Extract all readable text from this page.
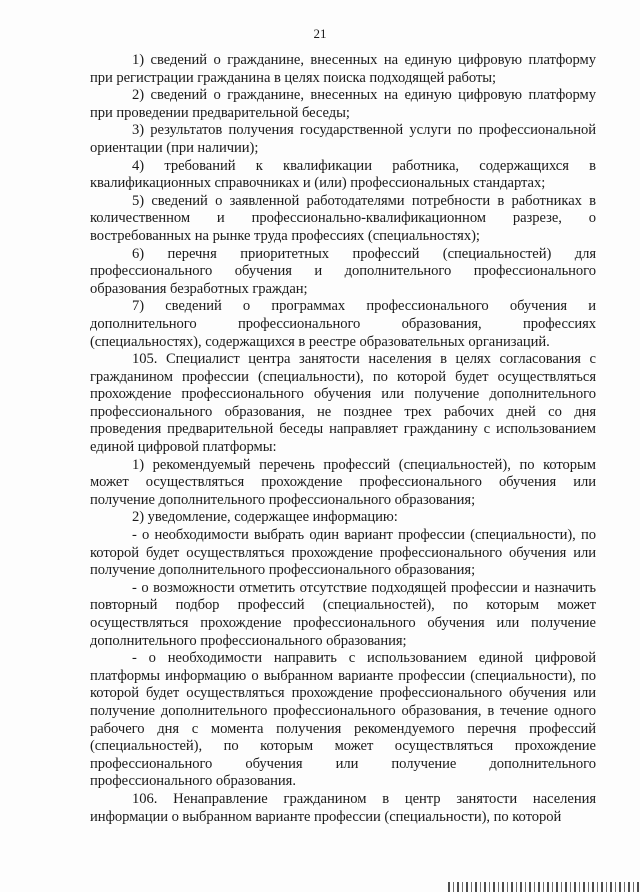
21

1) сведений о гражданине, внесенных на единую цифровую платформу при регистрации гражданина в целях поиска подходящей работы;

2) сведений о гражданине, внесенных на единую цифровую платформу при проведении предварительной беседы;

3) результатов получения государственной услуги по профессиональной ориентации (при наличии);

4) требований к квалификации работника, содержащихся в квалификационных справочниках и (или) профессиональных стандартах;

5) сведений о заявленной работодателями потребности в работниках в количественном и профессионально-квалификационном разрезе, о востребованных на рынке труда профессиях (специальностях);

6) перечня приоритетных профессий (специальностей) для профессионального обучения и дополнительного профессионального образования безработных граждан;

7) сведений о программах профессионального обучения и дополнительного профессионального образования, профессиях (специальностях), содержащихся в реестре образовательных организаций.

105. Специалист центра занятости населения в целях согласования с гражданином профессии (специальности), по которой будет осуществляться прохождение профессионального обучения или получение дополнительного профессионального образования, не позднее трех рабочих дней со дня проведения предварительной беседы направляет гражданину с использованием единой цифровой платформы:

1) рекомендуемый перечень профессий (специальностей), по которым может осуществляться прохождение профессионального обучения или получение дополнительного профессионального образования;

2) уведомление, содержащее информацию:

- о необходимости выбрать один вариант профессии (специальности), по которой будет осуществляться прохождение профессионального обучения или получение дополнительного профессионального образования;

- о возможности отметить отсутствие подходящей профессии и назначить повторный подбор профессий (специальностей), по которым может осуществляться прохождение профессионального обучения или получение дополнительного профессионального образования;

- о необходимости направить с использованием единой цифровой платформы информацию о выбранном варианте профессии (специальности), по которой будет осуществляться прохождение профессионального обучения или получение дополнительного профессионального образования, в течение одного рабочего дня с момента получения рекомендуемого перечня профессий (специальностей), по которым может осуществляться прохождение профессионального обучения или получение дополнительного профессионального образования.

106. Ненаправление гражданином в центр занятости населения информации о выбранном варианте профессии (специальности), по которой
